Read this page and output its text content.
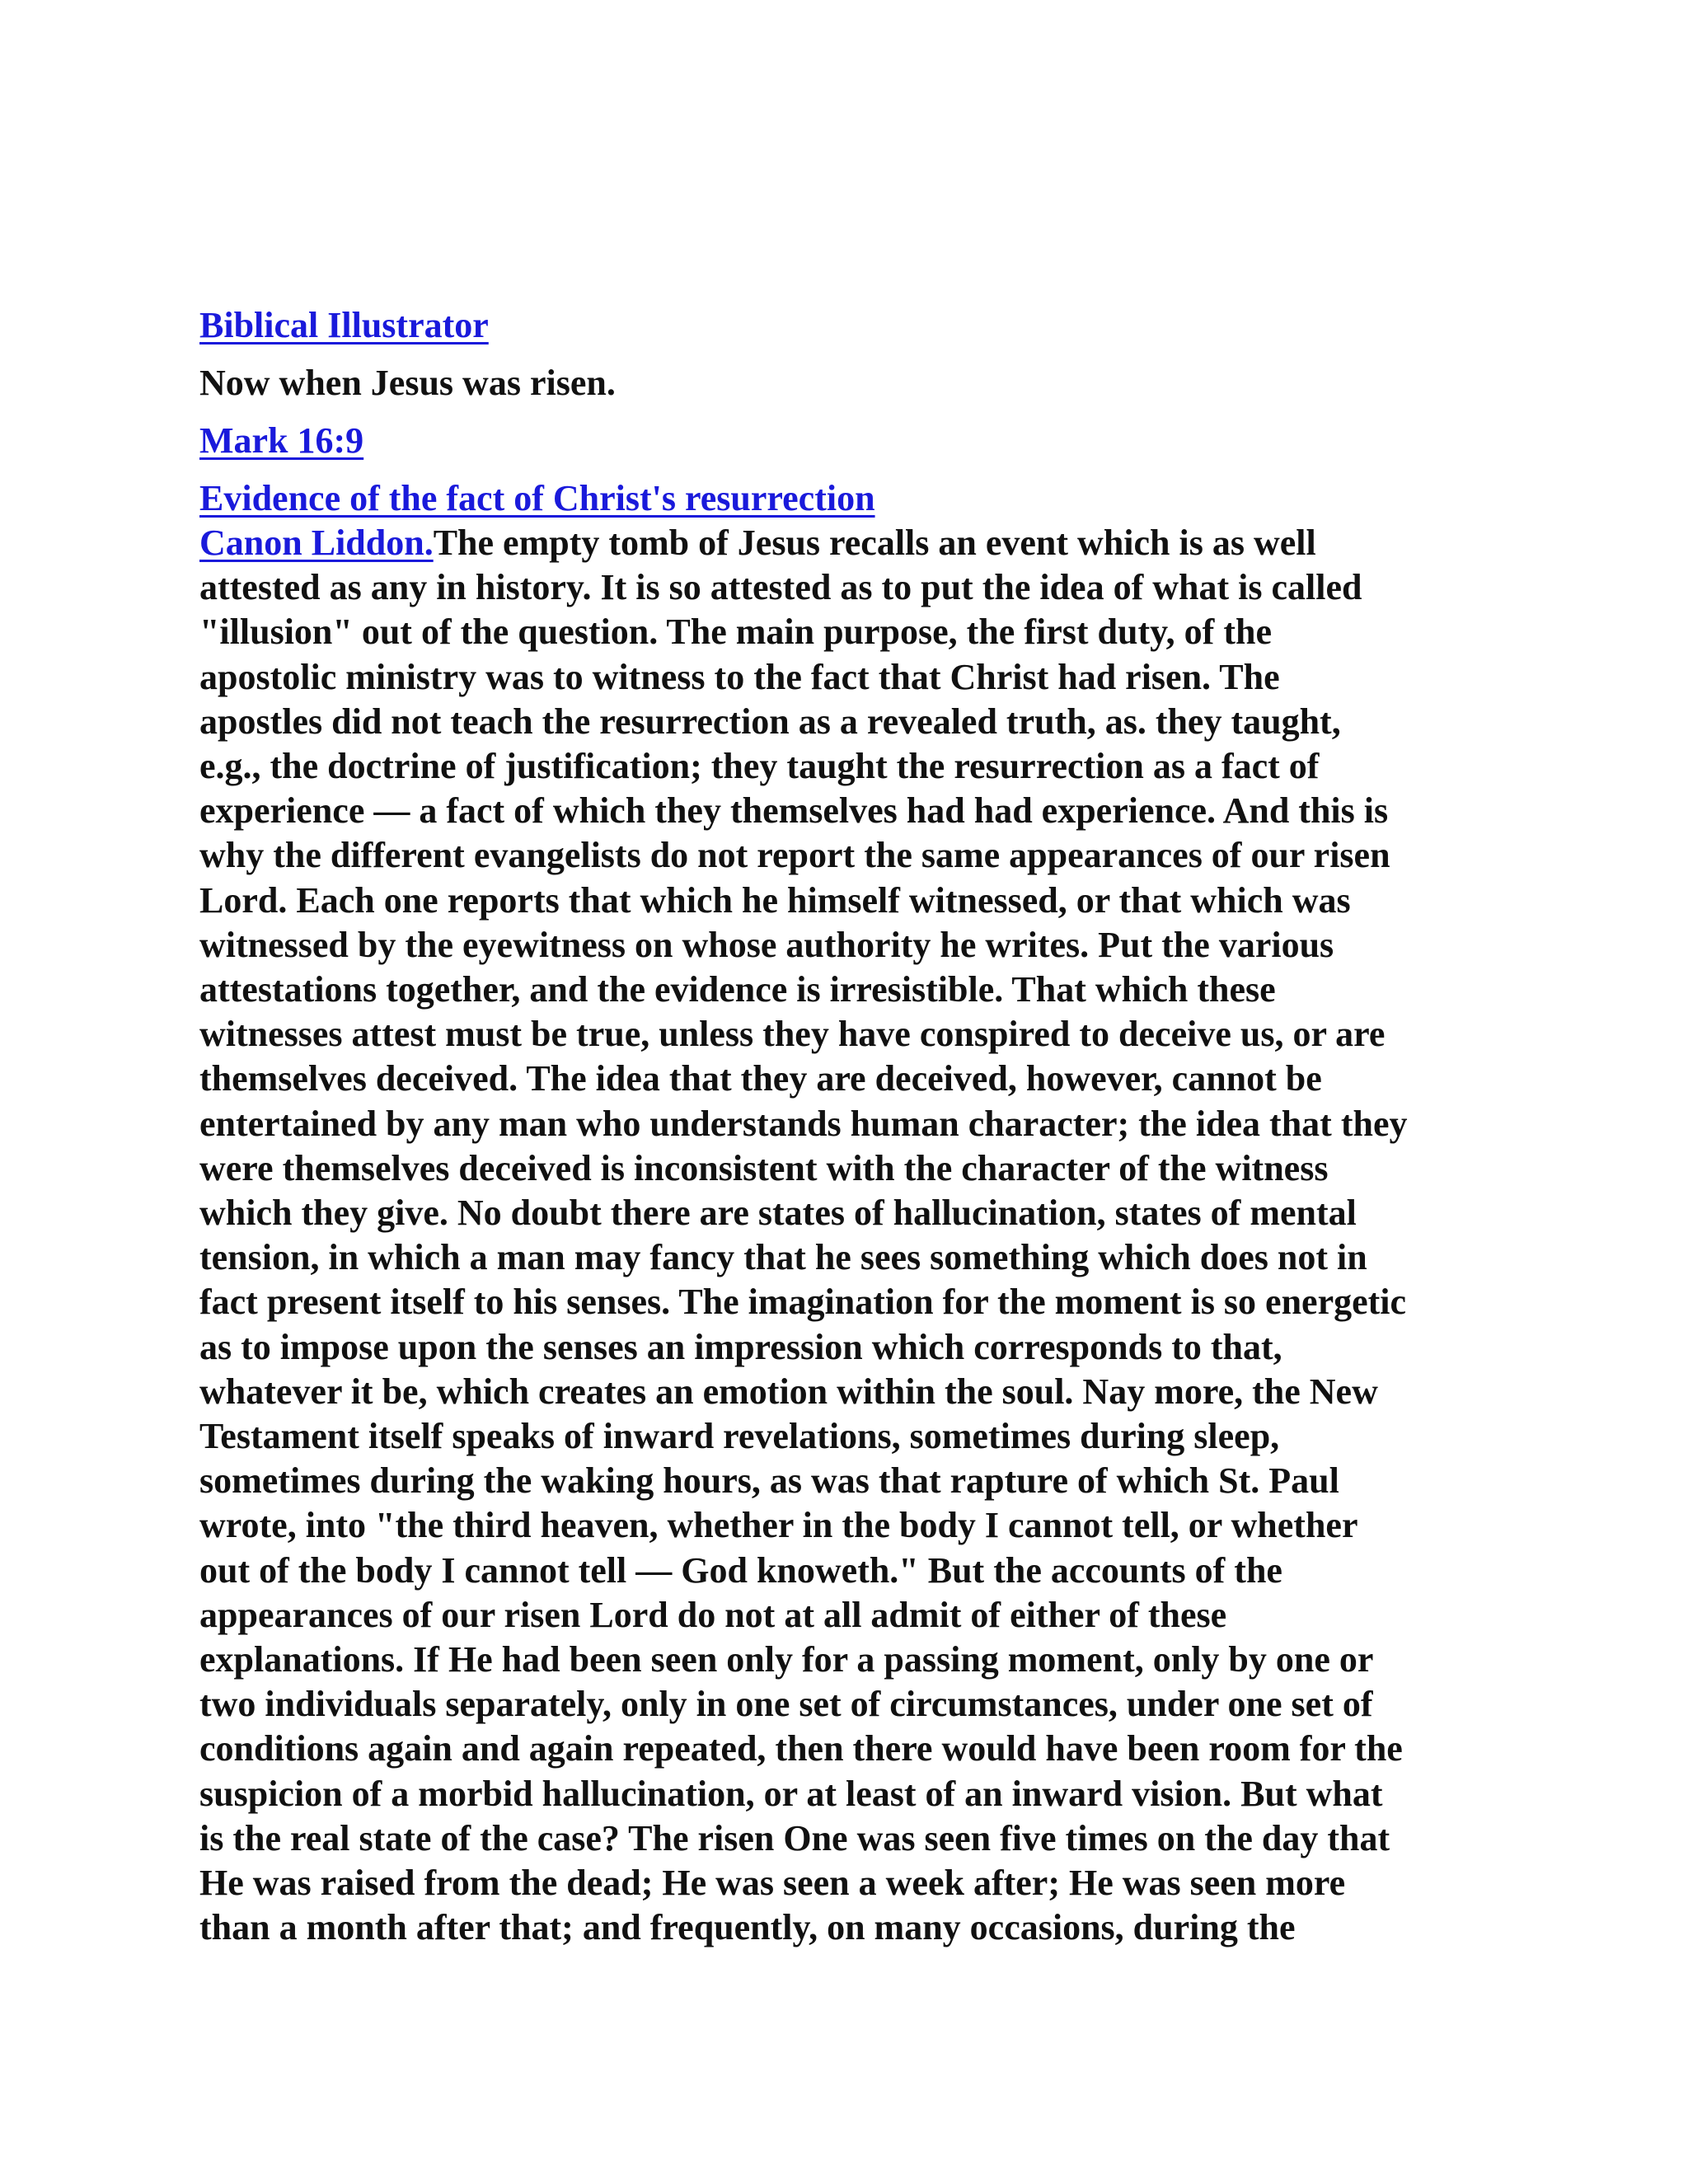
Biblical Illustrator
Now when Jesus was risen.
Mark 16:9
Evidence of the fact of Christ's resurrection
Canon Liddon.The empty tomb of Jesus recalls an event which is as well
attested as any in history. It is so attested as to put the idea of what is called
"illusion" out of the question. The main purpose, the first duty, of the
apostolic ministry was to witness to the fact that Christ had risen. The
apostles did not teach the resurrection as a revealed truth, as. they taught,
e.g., the doctrine of justification; they taught the resurrection as a fact of
experience — a fact of which they themselves had had experience. And this is
why the different evangelists do not report the same appearances of our risen
Lord. Each one reports that which he himself witnessed, or that which was
witnessed by the eyewitness on whose authority he writes. Put the various
attestations together, and the evidence is irresistible. That which these
witnesses attest must be true, unless they have conspired to deceive us, or are
themselves deceived. The idea that they are deceived, however, cannot be
entertained by any man who understands human character; the idea that they
were themselves deceived is inconsistent with the character of the witness
which they give. No doubt there are states of hallucination, states of mental
tension, in which a man may fancy that he sees something which does not in
fact present itself to his senses. The imagination for the moment is so energetic
as to impose upon the senses an impression which corresponds to that,
whatever it be, which creates an emotion within the soul. Nay more, the New
Testament itself speaks of inward revelations, sometimes during sleep,
sometimes during the waking hours, as was that rapture of which St. Paul
wrote, into "the third heaven, whether in the body I cannot tell, or whether
out of the body I cannot tell — God knoweth." But the accounts of the
appearances of our risen Lord do not at all admit of either of these
explanations. If He had been seen only for a passing moment, only by one or
two individuals separately, only in one set of circumstances, under one set of
conditions again and again repeated, then there would have been room for the
suspicion of a morbid hallucination, or at least of an inward vision. But what
is the real state of the case? The risen One was seen five times on the day that
He was raised from the dead; He was seen a week after; He was seen more
than a month after that; and frequently, on many occasions, during the
